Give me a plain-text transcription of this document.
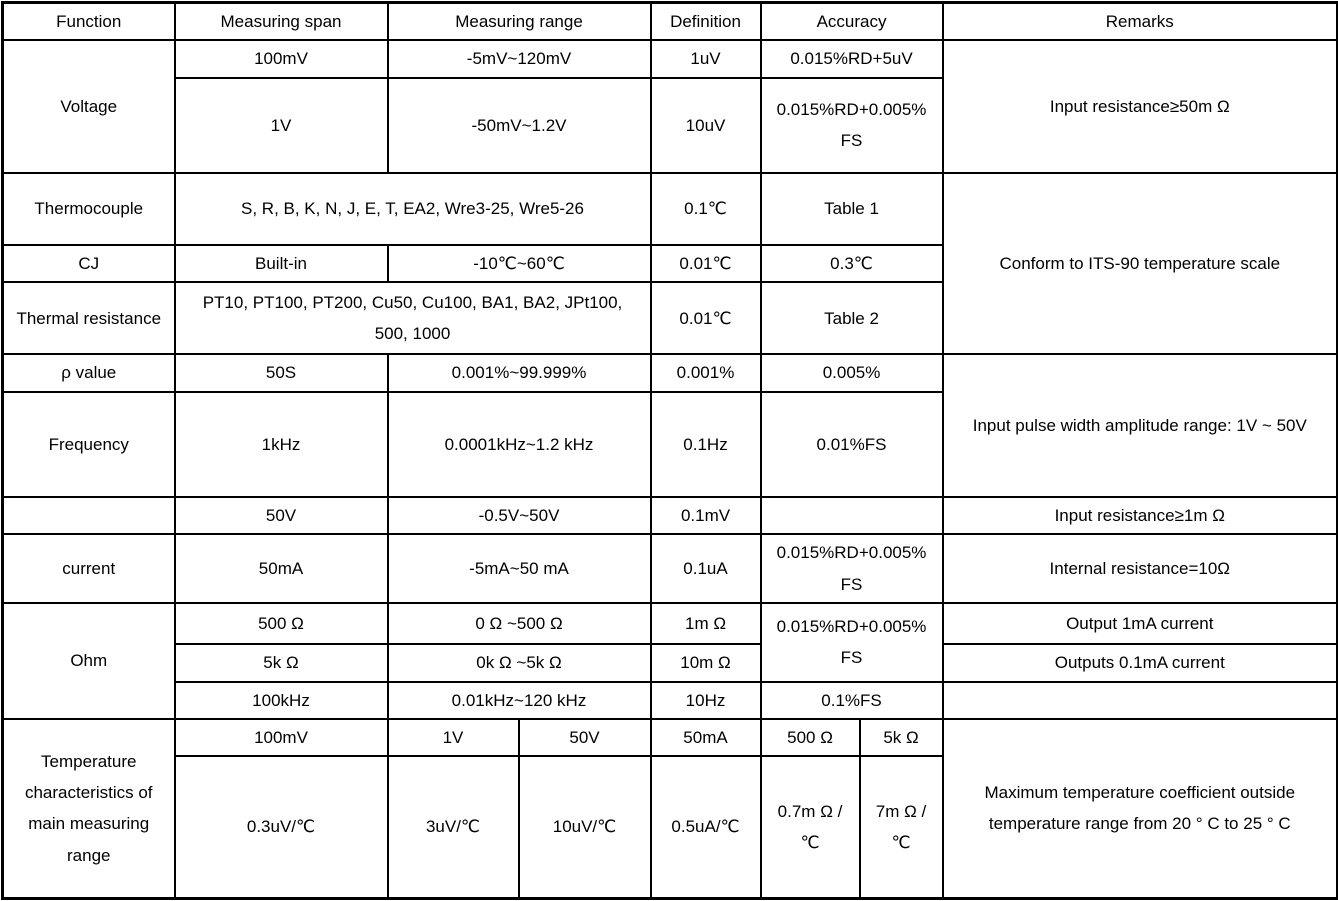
Function	Measuring span	Measuring range		Definition	Accuracy		Remarks
Voltage	100mV	-5mV~120mV		1uV	0.015%RD+5uV		Input resistance≥50m Ω
	1V	-50mV~1.2V		10uV	0.015%RD+0.005%FS		
Thermocouple	S, R, B, K, N, J, E, T, EA2, Wre3-25, Wre5-26			0.1℃	Table 1		Conform to ITS-90 temperature scale
CJ	Built-in	-10℃~60℃		0.01℃	0.3℃		
Thermal resistance	PT10, PT100, PT200, Cu50, Cu100, BA1, BA2, JPt100, 500, 1000			0.01℃	Table 2		
ρ value	50S	0.001%~99.999%		0.001%	0.005%		Input pulse width amplitude range: 1V ~ 50V
Frequency	1kHz	0.0001kHz~1.2 kHz		0.1Hz	0.01%FS		
	50V	-0.5V~50V		0.1mV			Input resistance≥1m Ω
current	50mA	-5mA~50 mA		0.1uA	0.015%RD+0.005%FS		Internal resistance=10Ω
Ohm	500 Ω	0 Ω ~500 Ω		1m Ω	0.015%RD+0.005%FS		Output 1mA current
	5k Ω	0k Ω ~5k Ω		10m Ω			Outputs 0.1mA current
	100kHz	0.01kHz~120 kHz		10Hz	0.1%FS		
Temperature characteristics of main measuring range	100mV	1V	50V	50mA	500 Ω	5k Ω	Maximum temperature coefficient outside temperature range from 20 ° C to 25 ° C
	0.3uV/℃	3uV/℃	10uV/℃	0.5uA/℃	0.7m Ω /℃	7m Ω /℃	
